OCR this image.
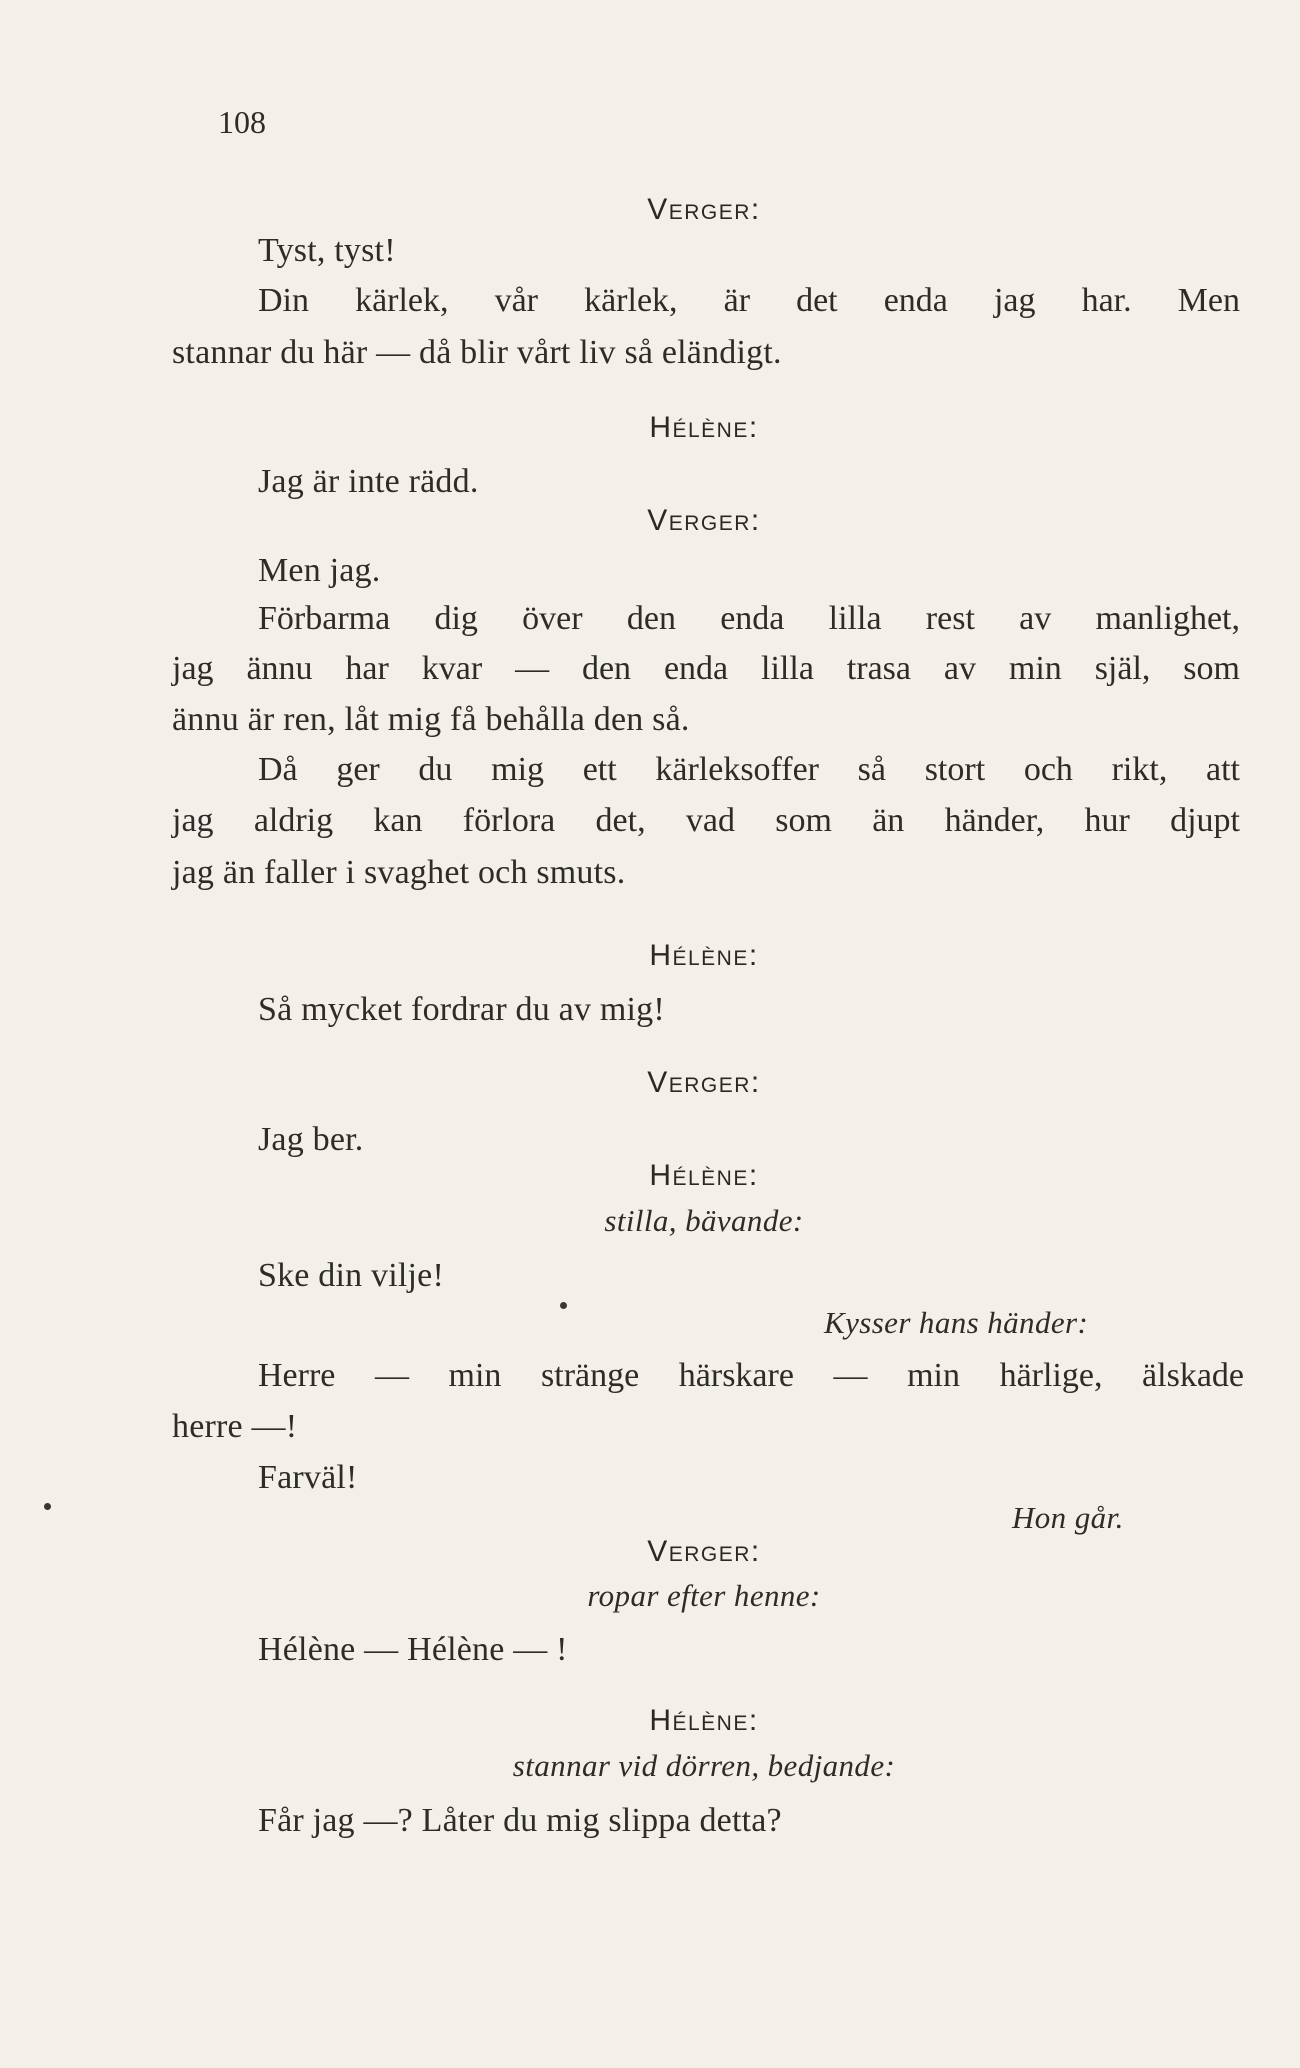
108
Verger:
Tyst, tyst!
Din kärlek, vår kärlek, är det enda jag har. Men
stannar du här — då blir vårt liv så eländigt.
Hélène:
Jag är inte rädd.
Verger:
Men jag.
Förbarma dig över den enda lilla rest av manlighet,
jag ännu har kvar — den enda lilla trasa av min själ, som
ännu är ren, låt mig få behålla den så.
Då ger du mig ett kärleksoffer så stort och rikt, att
jag aldrig kan förlora det, vad som än händer, hur djupt
jag än faller i svaghet och smuts.
Hélène:
Så mycket fordrar du av mig!
Verger:
Jag ber.
Hélène:
stilla, bävande:
Ske din vilje!
Kysser hans händer:
Herre — min stränge härskare — min härlige, älskade
herre —!
Farväl!
Hon går.
Verger:
ropar efter henne:
Hélène — Hélène — !
Hélène:
stannar vid dörren, bedjande:
Får jag —? Låter du mig slippa detta?
